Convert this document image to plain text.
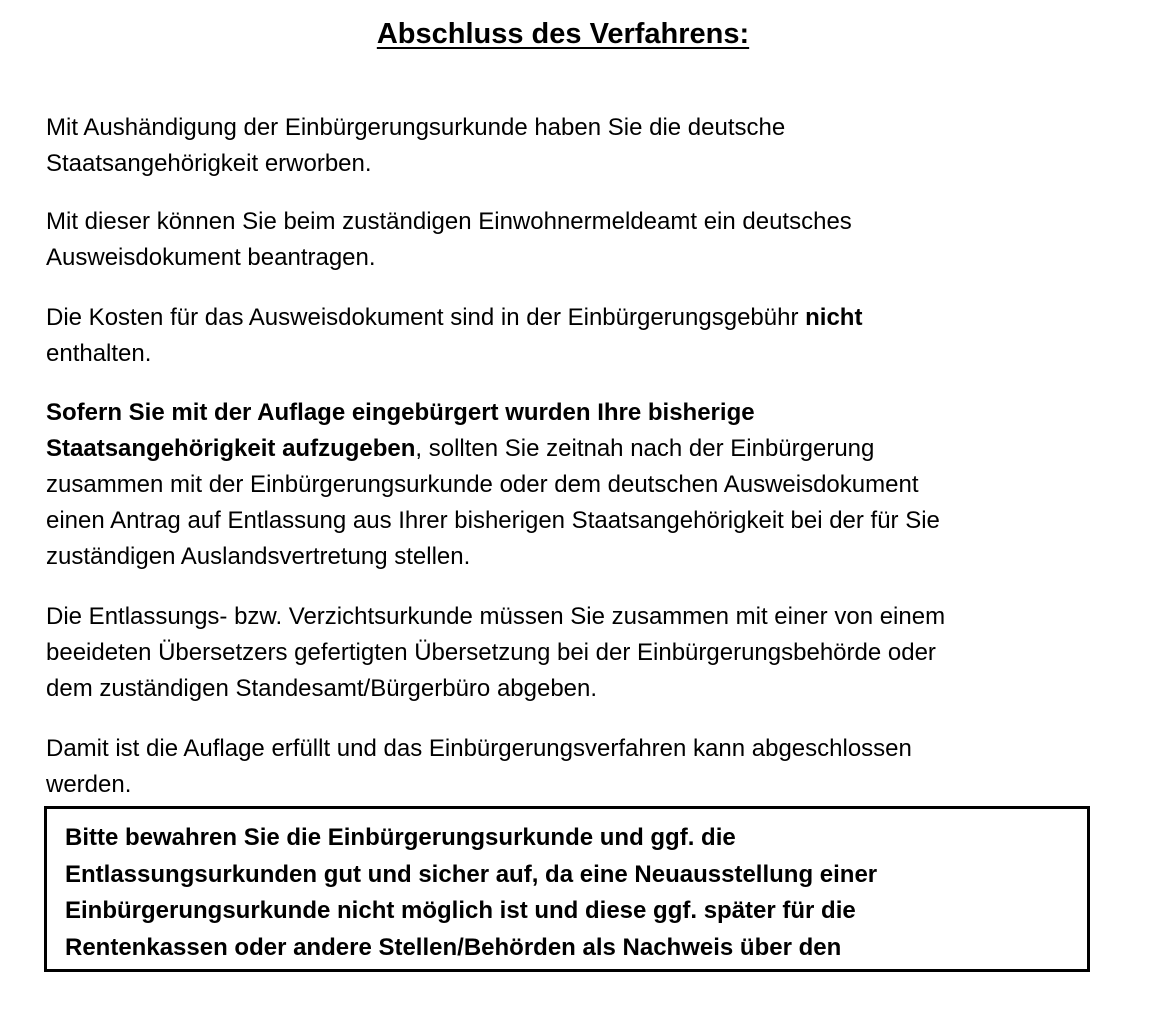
Abschluss des Verfahrens:

Mit Aushändigung der Einbürgerungsurkunde haben Sie die deutsche
Staatsangehörigkeit erworben.

Mit dieser können Sie beim zuständigen Einwohnermeldeamt ein deutsches
Ausweisdokument beantragen.

Die Kosten für das Ausweisdokument sind in der Einbürgerungsgebühr nicht
enthalten.

Sofern Sie mit der Auflage eingebürgert wurden Ihre bisherige
Staatsangehörigkeit aufzugeben, sollten Sie zeitnah nach der Einbürgerung
zusammen mit der Einbürgerungsurkunde oder dem deutschen Ausweisdokument
einen Antrag auf Entlassung aus Ihrer bisherigen Staatsangehörigkeit bei der für Sie
zuständigen Auslandsvertretung stellen.

Die Entlassungs- bzw. Verzichtsurkunde müssen Sie zusammen mit einer von einem
beeideten Übersetzers gefertigten Übersetzung bei der Einbürgerungsbehörde oder
dem zuständigen Standesamt/Bürgerbüro abgeben.

Damit ist die Auflage erfüllt und das Einbürgerungsverfahren kann abgeschlossen
werden.

Bitte bewahren Sie die Einbürgerungsurkunde und ggf. die
Entlassungsurkunden gut und sicher auf, da eine Neuausstellung einer
Einbürgerungsurkunde nicht möglich ist und diese ggf. später für die
Rentenkassen oder andere Stellen/Behörden als Nachweis über den
